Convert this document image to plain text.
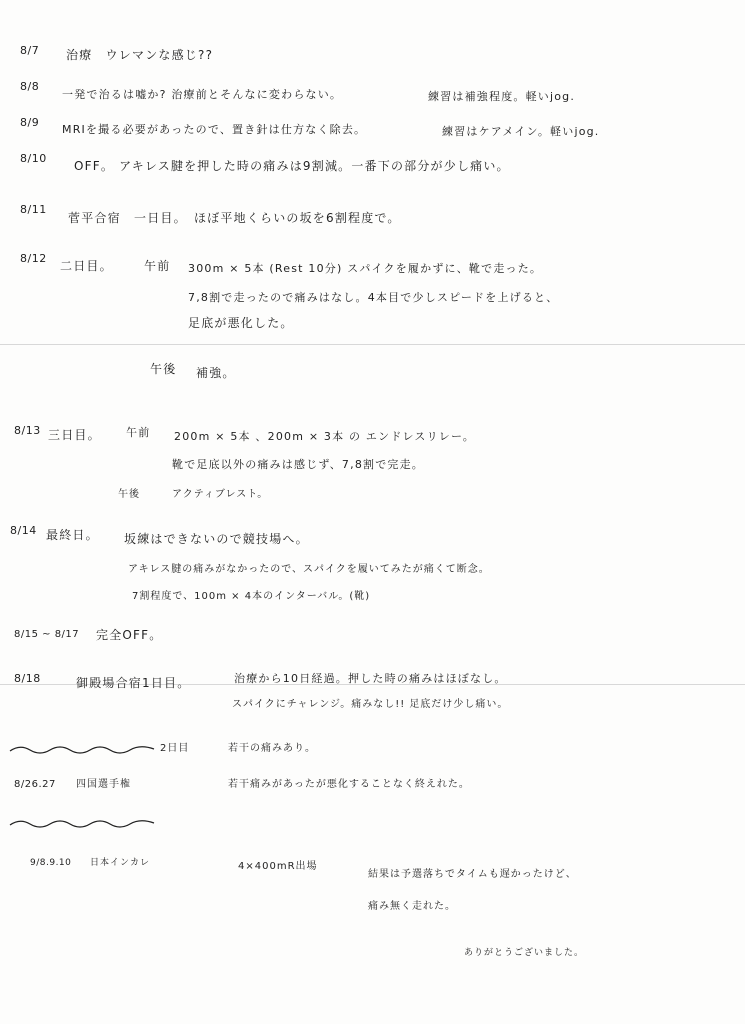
8/7 治療　ウレマンな感じ??
8/8
一発で治るは嘘か? 治療前とそんなに変わらない。	練習は補強程度。軽いjog.
8/9
MRIを撮る必要があったので、置き針は仕方なく除去。	練習はケアメイン。軽いjog.
8/10
OFF。 アキレス腱を押した時の痛みは9割減。一番下の部分が少し痛い。
8/11
菅平合宿　一日目。　ほぼ平地くらいの坂を6割程度で。
8/12
二日目。	午前 300m × 5本 (Rest 10分) スパイクを履かずに、靴で走った。
7,8割で走ったので痛みはなし。4本目で少しスピードを上げると、
足底が悪化した。
午後 補強。
8/13 三日目。 午前 200m × 5本 、200m × 3本 の エンドレスリレー。
靴で足底以外の痛みは感じず、7,8割で完走。
午後	アクティブレスト。
8/14 最終日。 坂練はできないので競技場へ。
アキレス腱の痛みがなかったので、スパイクを履いてみたが痛くて断念。
7割程度で、100m × 4本のインターバル。(靴)
8/15 ~ 8/17 完全OFF。
8/18	御殿場合宿1日目。	治療から10日経過。押した時の痛みはほぼなし。
スパイクにチャレンジ。痛みなし!! 足底だけ少し痛い。
2日目	若干の痛みあり。
8/26.27 四国選手権	若干痛みがあったが悪化することなく終えれた。
9/8.9.10 日本インカレ	4×400mR出場
結果は予選落ちでタイムも遅かったけど、
痛み無く走れた。
ありがとうございました。
